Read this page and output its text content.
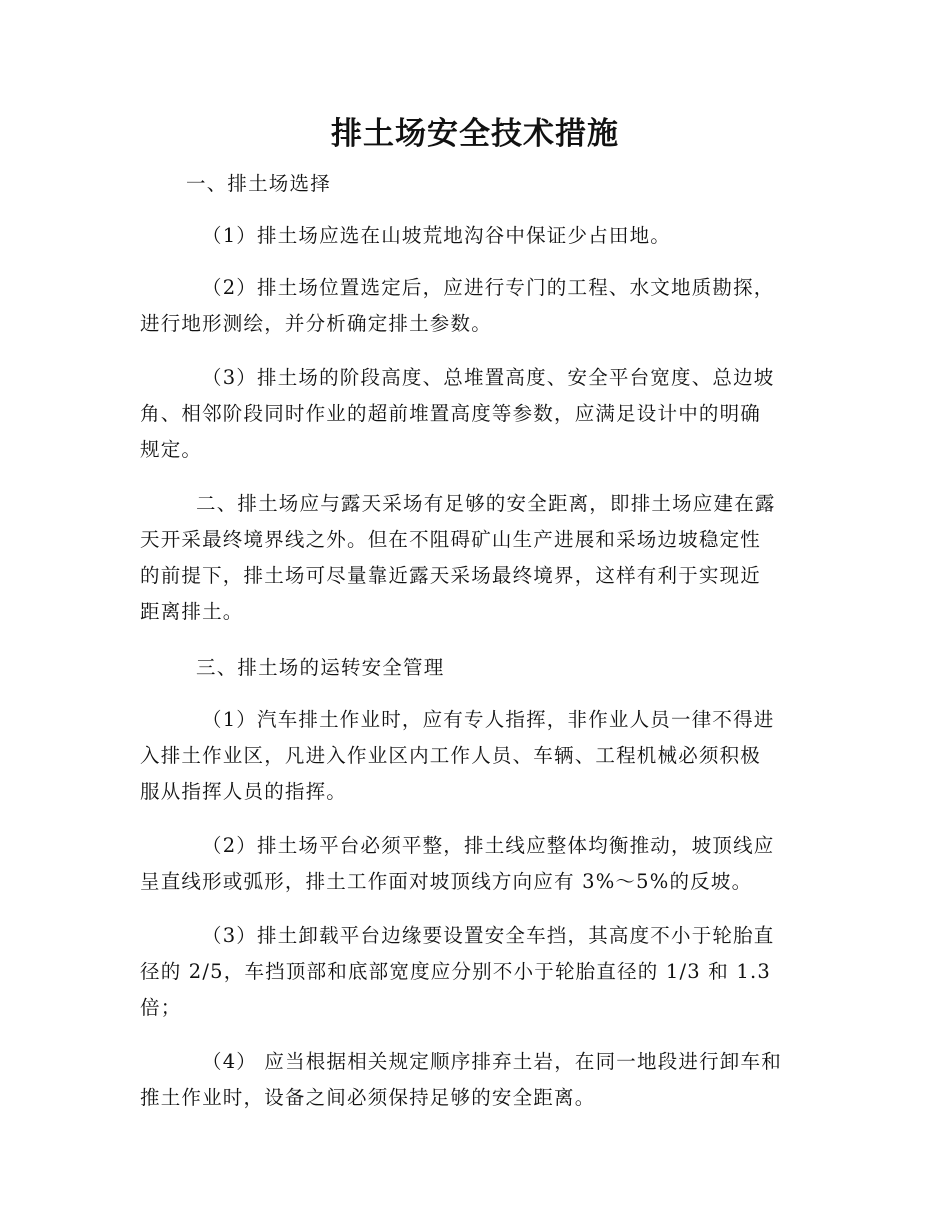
排土场安全技术措施
一、排土场选择
（1）排土场应选在山坡荒地沟谷中保证少占田地。
（2）排土场位置选定后，应进行专门的工程、水文地质勘探，
进行地形测绘，并分析确定排土参数。
（3）排土场的阶段高度、总堆置高度、安全平台宽度、总边坡
角、相邻阶段同时作业的超前堆置高度等参数，应满足设计中的明确
规定。
二、排土场应与露天采场有足够的安全距离，即排土场应建在露
天开采最终境界线之外。但在不阻碍矿山生产进展和采场边坡稳定性
的前提下，排土场可尽量靠近露天采场最终境界，这样有利于实现近
距离排土。
三、排土场的运转安全管理
（1）汽车排土作业时，应有专人指挥，非作业人员一律不得进
入排土作业区，凡进入作业区内工作人员、车辆、工程机械必须积极
服从指挥人员的指挥。
（2）排土场平台必须平整，排土线应整体均衡推动，坡顶线应
呈直线形或弧形，排土工作面对坡顶线方向应有 3%～5%的反坡。
（3）排土卸载平台边缘要设置安全车挡，其高度不小于轮胎直
径的 2/5，车挡顶部和底部宽度应分别不小于轮胎直径的 1/3 和 1.3
倍；
（4） 应当根据相关规定顺序排弃土岩，在同一地段进行卸车和
推土作业时，设备之间必须保持足够的安全距离。
